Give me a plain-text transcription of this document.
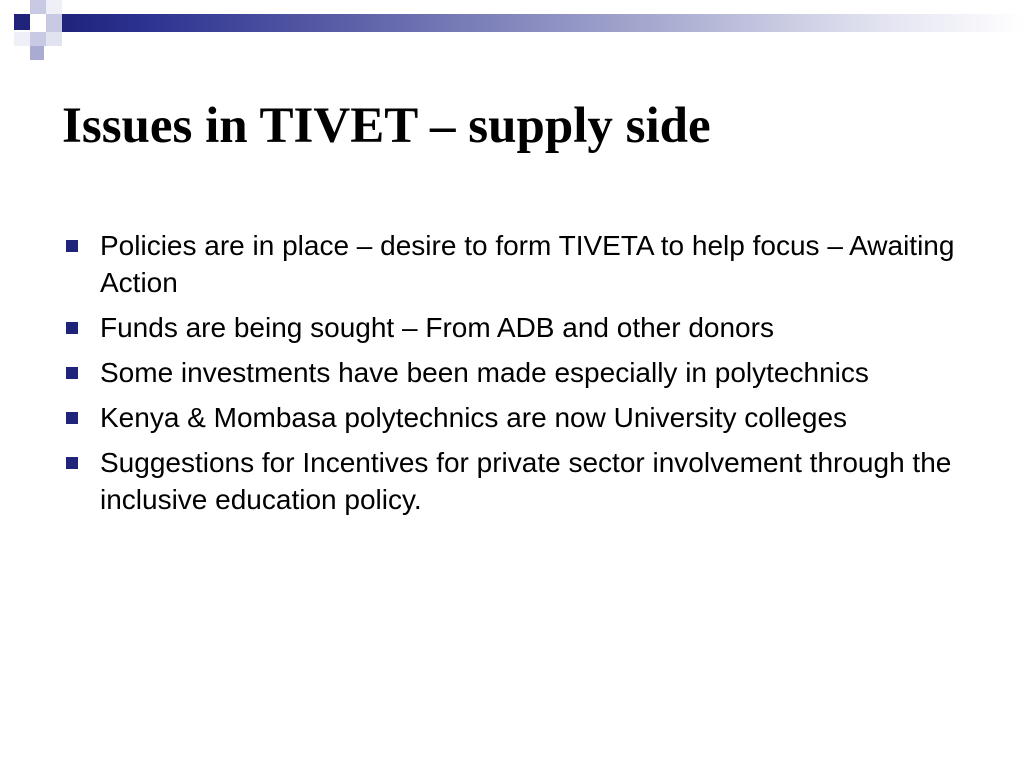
Issues in TIVET – supply side
Policies are in place – desire to form TIVETA to help focus – Awaiting Action
Funds are being sought – From ADB and other donors
Some investments have been made especially in polytechnics
Kenya & Mombasa polytechnics are now University colleges
Suggestions for Incentives for private sector involvement through the inclusive education policy.
